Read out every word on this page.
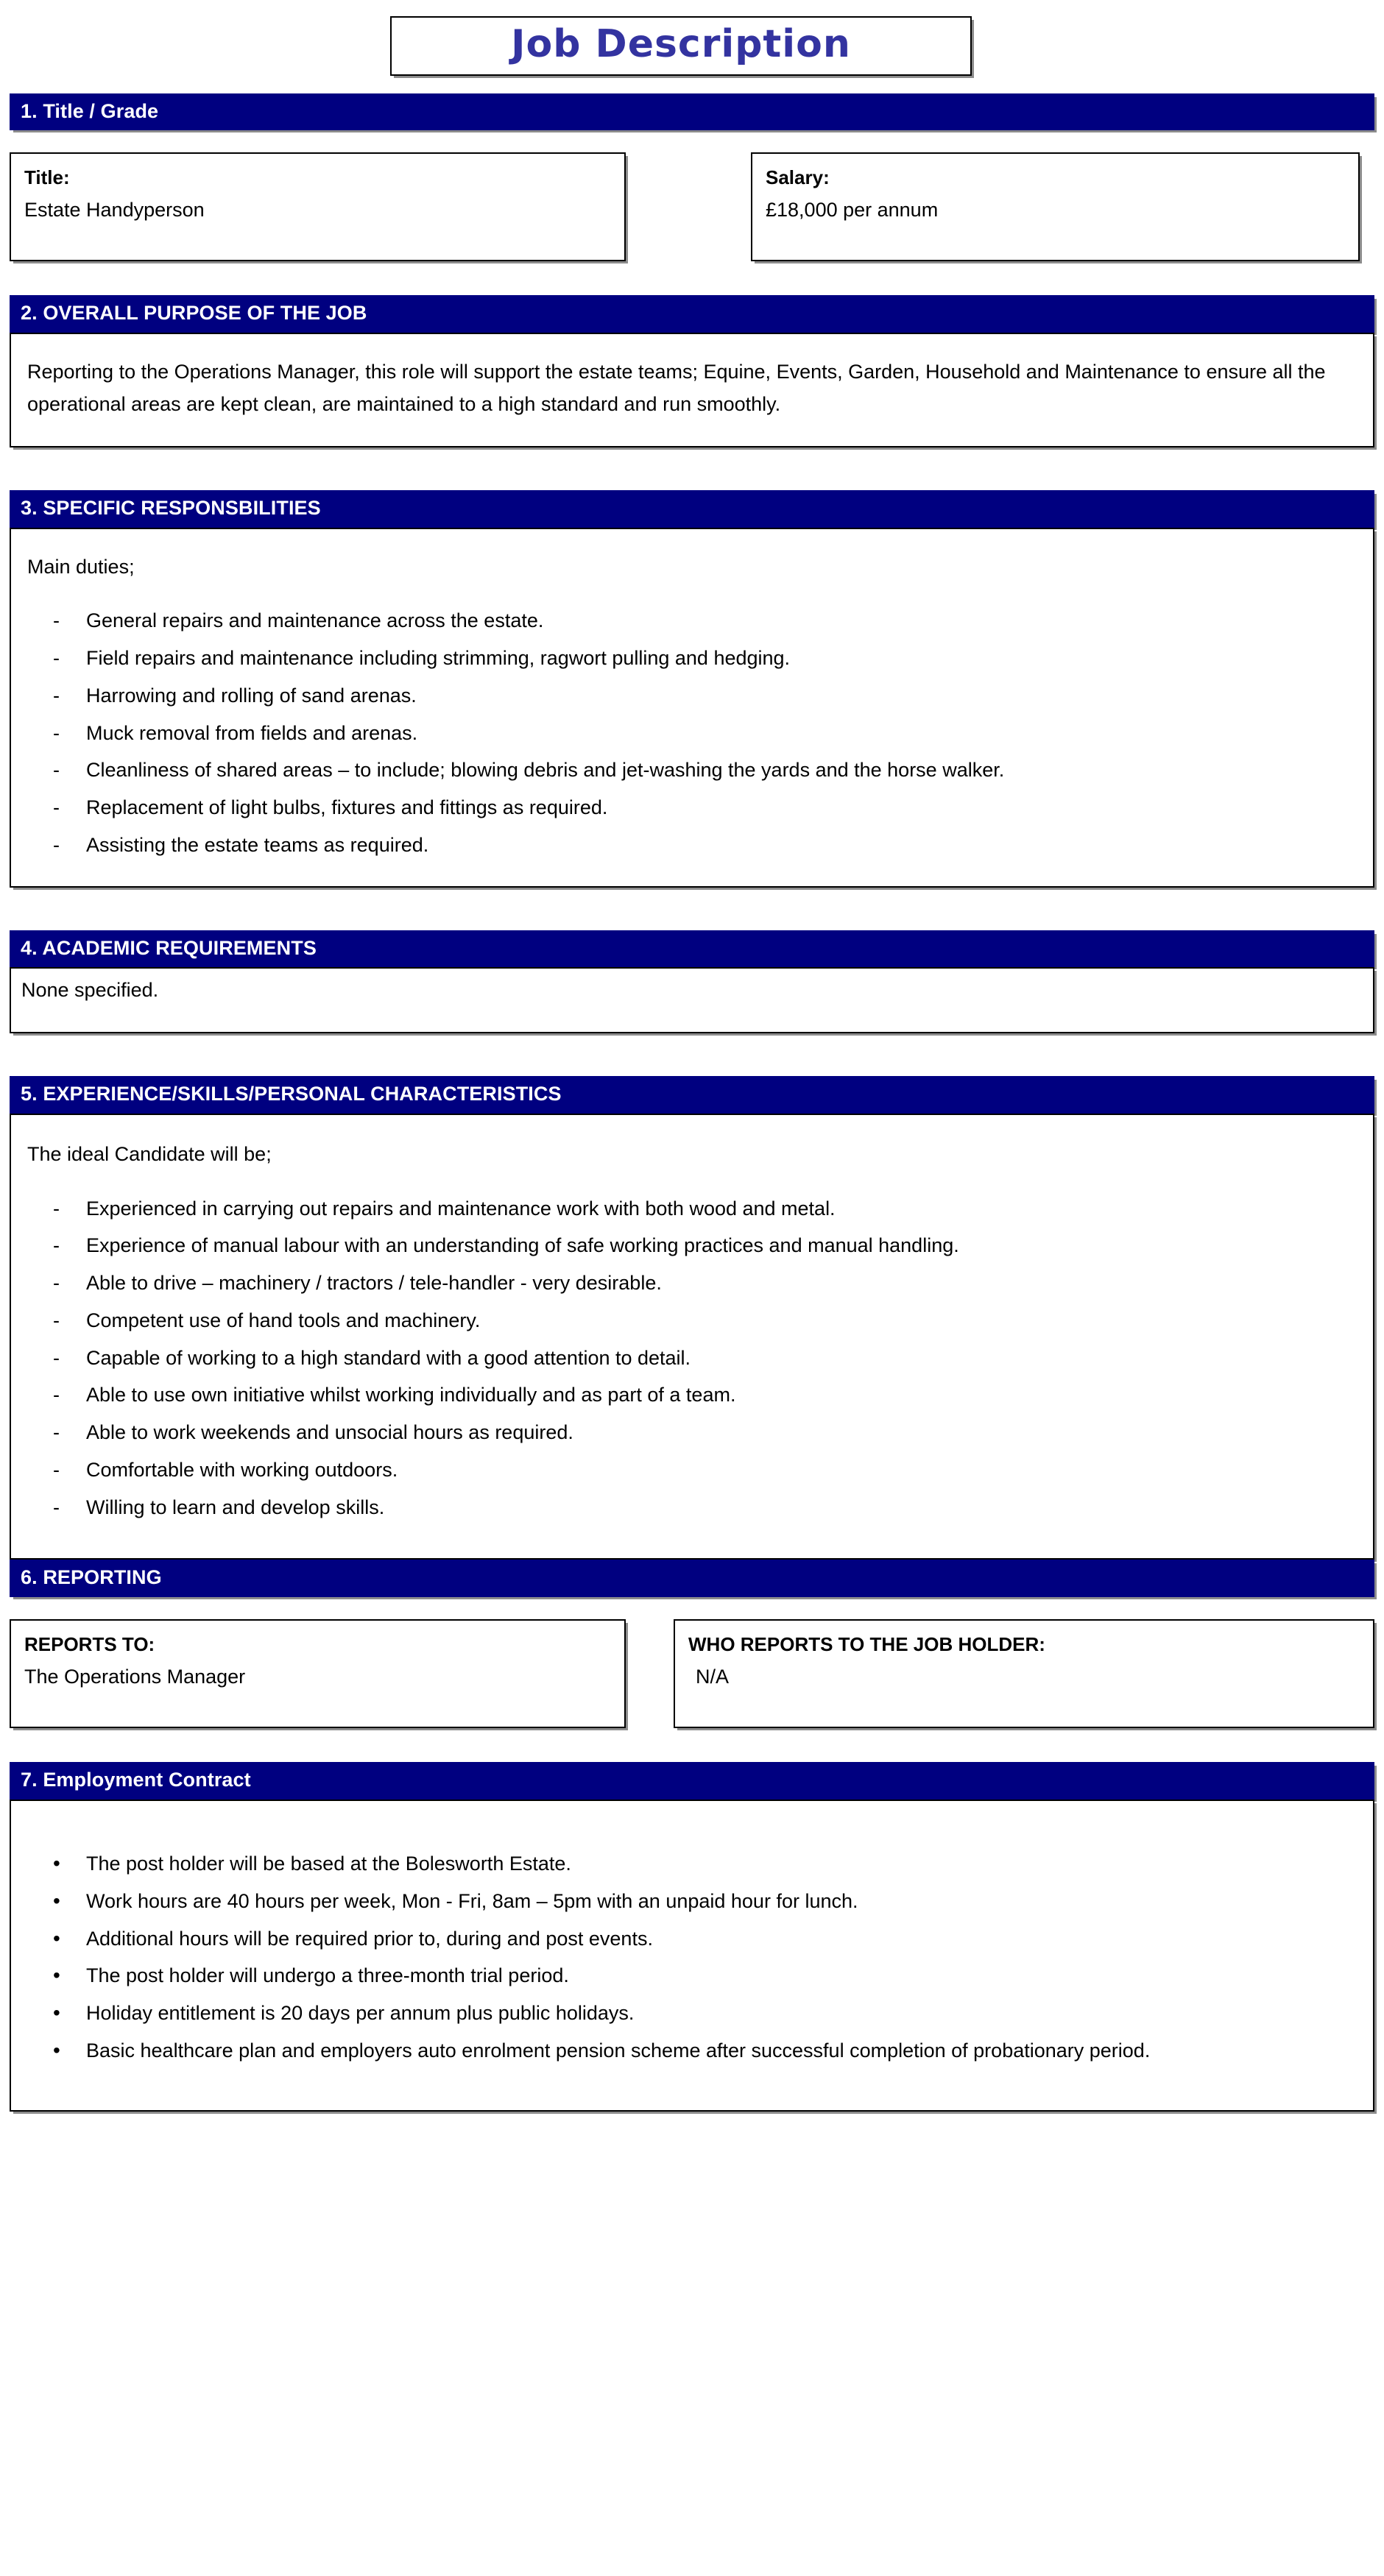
Job Description
1. Title / Grade
Title:
Estate Handyperson
Salary:
£18,000 per annum
2. OVERALL PURPOSE OF THE JOB

Reporting to the Operations Manager, this role will support the estate teams; Equine, Events, Garden, Household and Maintenance to ensure all the operational areas are kept clean, are maintained to a high standard and run smoothly.

3. SPECIFIC RESPONSBILITIES

Main duties;

- General repairs and maintenance across the estate.
- Field repairs and maintenance including strimming, ragwort pulling and hedging.
- Harrowing and rolling of sand arenas.
- Muck removal from fields and arenas.
- Cleanliness of shared areas – to include; blowing debris and jet-washing the yards and the horse walker.
- Replacement of light bulbs, fixtures and fittings as required.
- Assisting the estate teams as required.
4. ACADEMIC REQUIREMENTS

None specified.

5. EXPERIENCE/SKILLS/PERSONAL CHARACTERISTICS

The ideal Candidate will be;

- Experienced in carrying out repairs and maintenance work with both wood and metal.
- Experience of manual labour with an understanding of safe working practices and manual handling.
- Able to drive – machinery / tractors / tele-handler - very desirable.
- Competent use of hand tools and machinery.
- Capable of working to a high standard with a good attention to detail.
- Able to use own initiative whilst working individually and as part of a team.
- Able to work weekends and unsocial hours as required.
- Comfortable with working outdoors.
- Willing to learn and develop skills.
6. REPORTING
REPORTS TO:
The Operations Manager
WHO REPORTS TO THE JOB HOLDER:
N/A
7. Employment Contract
• The post holder will be based at the Bolesworth Estate.
• Work hours are 40 hours per week, Mon - Fri, 8am – 5pm with an unpaid hour for lunch.
• Additional hours will be required prior to, during and post events.
• The post holder will undergo a three-month trial period.
• Holiday entitlement is 20 days per annum plus public holidays.
• Basic healthcare plan and employers auto enrolment pension scheme after successful completion of probationary period.
